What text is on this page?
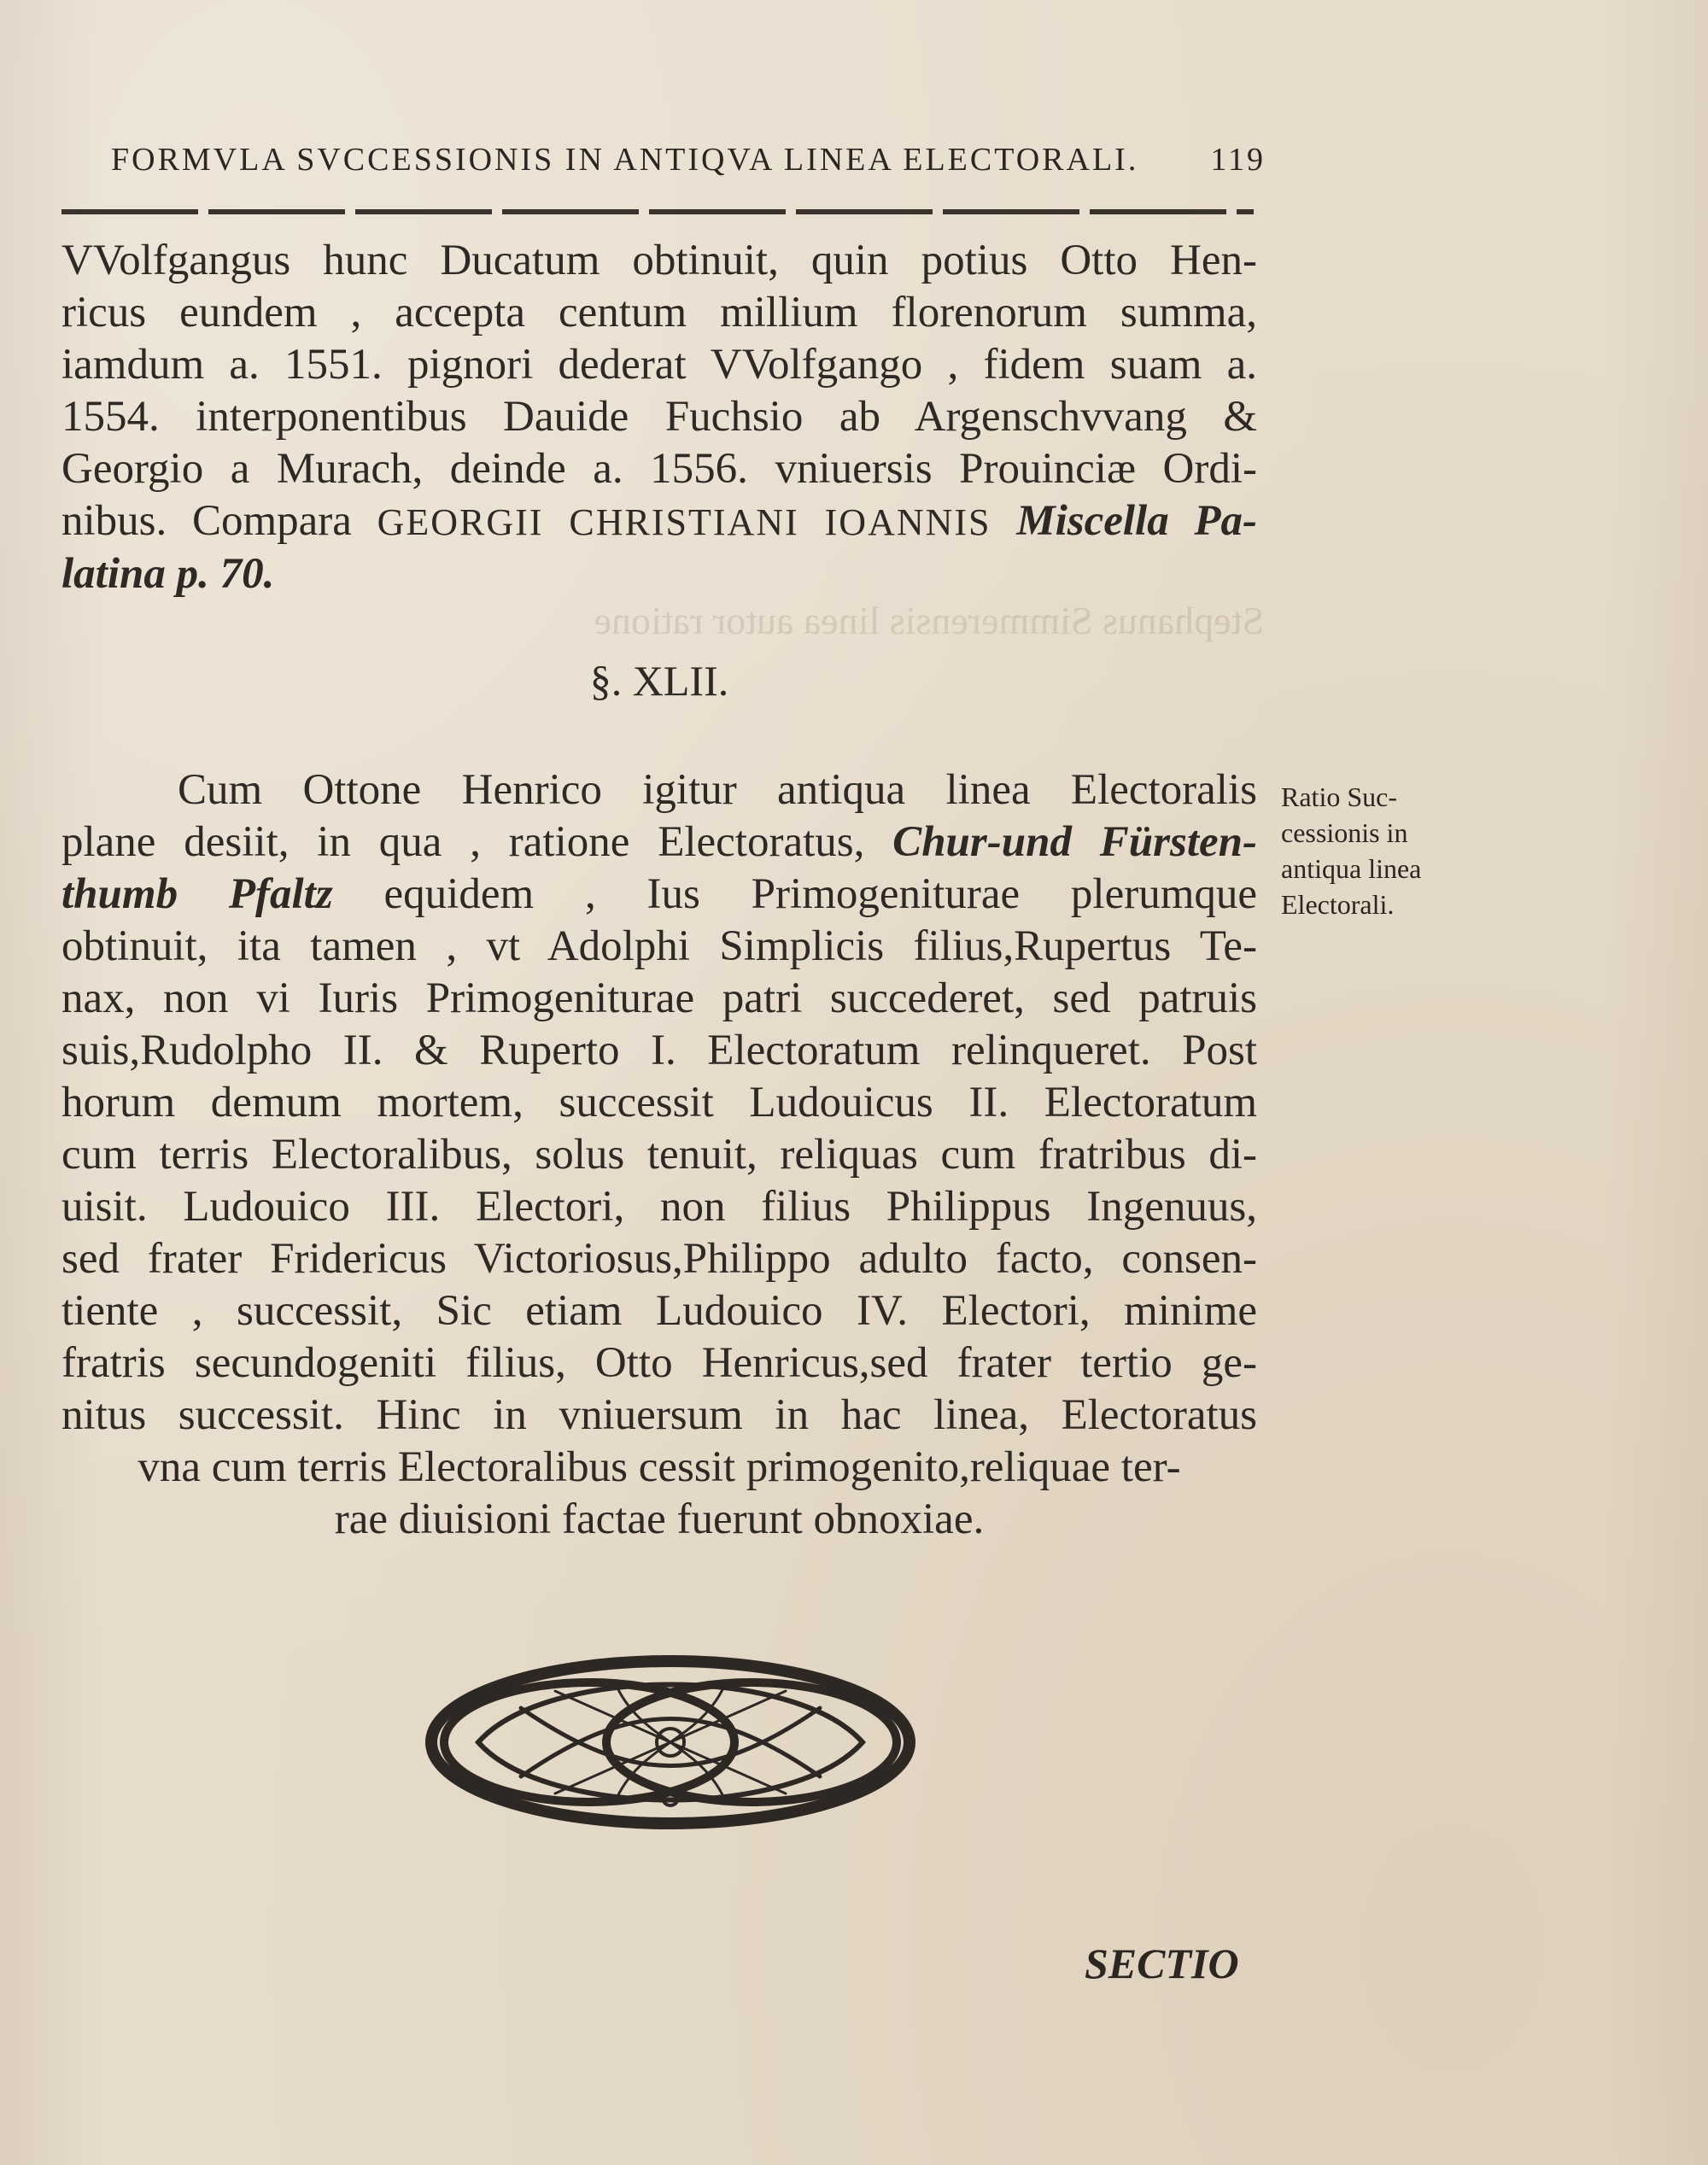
FORMVLA SVCCESSIONIS IN ANTIQVA LINEA ELECTORALI. 119
Stephanus Simmerensis linea autor ratione
VVolfgangus hunc Ducatum obtinuit, quin potius Otto Hen-
ricus eundem , accepta centum millium florenorum summa,
iamdum a. 1551. pignori dederat VVolfgango , fidem suam a.
1554. interponentibus Dauide Fuchsio ab Argenschvvang &
Georgio a Murach, deinde a. 1556. vniuersis Prouinciæ Ordi-
nibus. Compara GEORGII CHRISTIANI IOANNIS Miscella Pa-
latina p. 70.
§. XLII.
Cum Ottone Henrico igitur antiqua linea Electoralis
plane desiit, in qua , ratione Electoratus, Chur-und Fürsten-
thumb Pfaltz equidem , Ius Primogeniturae plerumque
obtinuit, ita tamen , vt Adolphi Simplicis filius,Rupertus Te-
nax, non vi Iuris Primogeniturae patri succederet, sed patruis
suis,Rudolpho II. & Ruperto I. Electoratum relinqueret. Post
horum demum mortem, successit Ludouicus II. Electoratum
cum terris Electoralibus, solus tenuit, reliquas cum fratribus di-
uisit. Ludouico III. Electori, non filius Philippus Ingenuus,
sed frater Fridericus Victoriosus,Philippo adulto facto, consen-
tiente , successit, Sic etiam Ludouico IV. Electori, minime
fratris secundogeniti filius, Otto Henricus,sed frater tertio ge-
nitus successit. Hinc in vniuersum in hac linea, Electoratus
vna cum terris Electoralibus cessit primogenito,reliquae ter-
rae diuisioni factae fuerunt obnoxiae.
Ratio Suc-
cessionis in
antiqua linea
Electorali.
SECTIO
